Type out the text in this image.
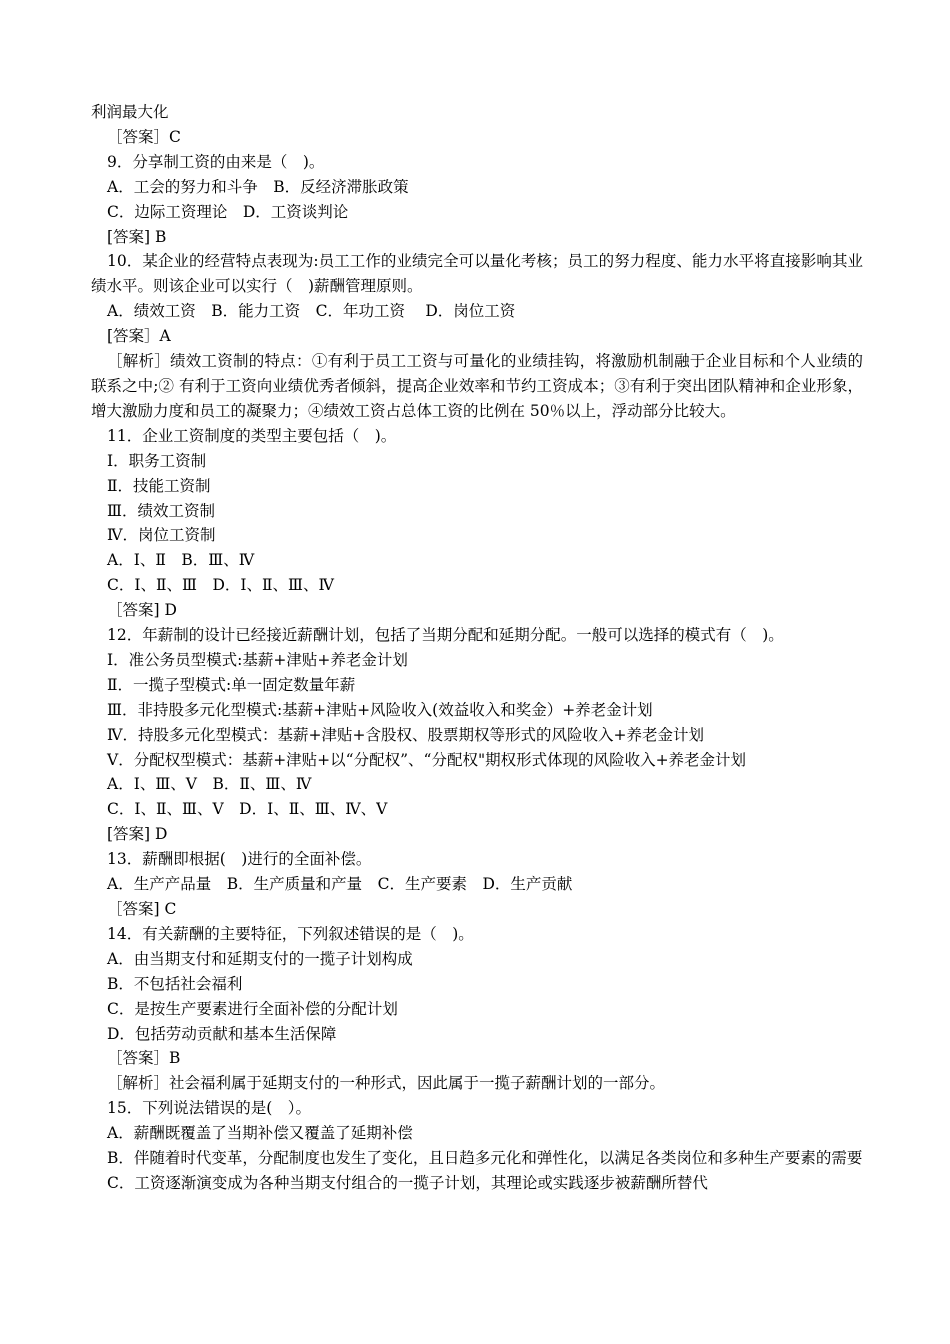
利润最大化
［答案］C
9．分享制工资的由来是（　)。
A．工会的努力和斗争　B．反经济滞胀政策
C．边际工资理论　D．工资谈判论
[答案] B
10．某企业的经营特点表现为:员工工作的业绩完全可以量化考核；员工的努力程度、能力水平将直接影响其业绩水平。则该企业可以实行（　)薪酬管理原则。
A．绩效工资　B．能力工资　C．年功工资　 D．岗位工资
[答案］A
［解析］绩效工资制的特点：①有利于员工工资与可量化的业绩挂钩，将激励机制融于企业目标和个人业绩的联系之中;② 有利于工资向业绩优秀者倾斜，提高企业效率和节约工资成本；③有利于突出团队精神和企业形象，增大激励力度和员工的凝聚力；④绩效工资占总体工资的比例在 50％以上，浮动部分比较大。
11．企业工资制度的类型主要包括（　)。
Ⅰ．职务工资制
Ⅱ．技能工资制
Ⅲ．绩效工资制
Ⅳ．岗位工资制
A．Ⅰ、Ⅱ　B．Ⅲ、Ⅳ
C．Ⅰ、Ⅱ、Ⅲ　D．Ⅰ、Ⅱ、Ⅲ、Ⅳ
［答案] D
12．年薪制的设计已经接近薪酬计划，包括了当期分配和延期分配。一般可以选择的模式有（　)。
Ⅰ．准公务员型模式:基薪+津贴+养老金计划
Ⅱ．一揽子型模式:单一固定数量年薪
Ⅲ．非持股多元化型模式:基薪+津贴+风险收入(效益收入和奖金）+养老金计划
Ⅳ．持股多元化型模式：基薪+津贴+含股权、股票期权等形式的风险收入+养老金计划
Ⅴ．分配权型模式：基薪+津贴+以“分配权”、“分配权"期权形式体现的风险收入+养老金计划
A．Ⅰ、Ⅲ、Ⅴ　B．Ⅱ、Ⅲ、Ⅳ
C．Ⅰ、Ⅱ、Ⅲ、Ⅴ　D．Ⅰ、Ⅱ、Ⅲ、Ⅳ、Ⅴ
[答案] D
13．薪酬即根据(　)进行的全面补偿。
A．生产产品量　B．生产质量和产量　C．生产要素　D．生产贡献
［答案] C
14．有关薪酬的主要特征，下列叙述错误的是（　)。
A．由当期支付和延期支付的一揽子计划构成
B．不包括社会福利
C．是按生产要素进行全面补偿的分配计划
D．包括劳动贡献和基本生活保障
［答案］B
［解析］社会福利属于延期支付的一种形式，因此属于一揽子薪酬计划的一部分。
15．下列说法错误的是(　）。
A．薪酬既覆盖了当期补偿又覆盖了延期补偿
B．伴随着时代变革，分配制度也发生了变化，且日趋多元化和弹性化，以满足各类岗位和多种生产要素的需要
C．工资逐渐演变成为各种当期支付组合的一揽子计划，其理论或实践逐步被薪酬所替代
